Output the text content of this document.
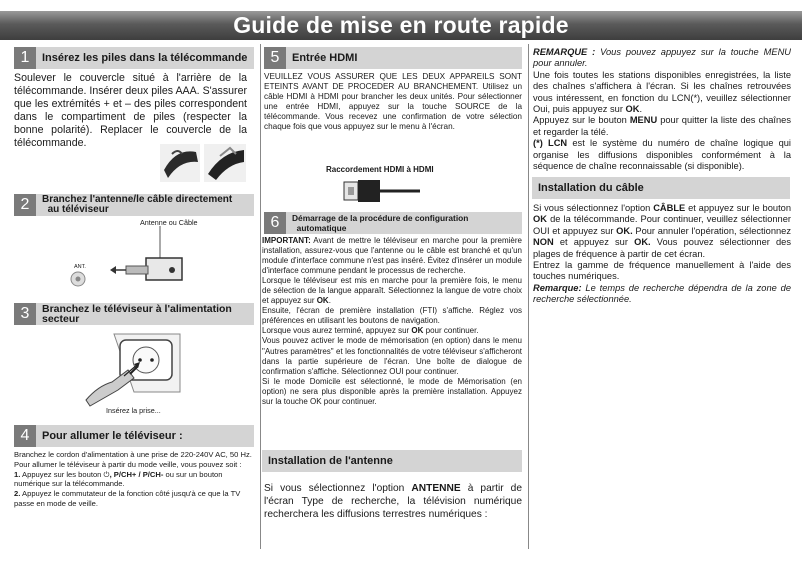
Guide de mise en route rapide
1	Insérez les piles dans la télécommande

Soulever le couvercle situé à l'arrière de la télécommande. Insérer deux piles AAA. S'assurer que les extrémités + et – des piles correspondent dans le compartiment de piles (respecter la bonne polarité). Replacer le couvercle de la télécommande.

2	Branchez l'antenne/le câble directement
au téléviseur
Antenne ou Câble
ANT.
3	Branchez le téléviseur à l'alimentation
secteur
Insérez la prise...
4	Pour allumer le téléviseur :

Branchez le cordon d'alimentation à une prise de 220-240V AC, 50 Hz.

Pour allumer le téléviseur à partir du mode veille, vous pouvez soit :

1. Appuyez sur les bouton ⏻, P/CH+ / P/CH- ou sur un bouton numérique sur la télécommande.

2. Appuyez le commutateur de la fonction côté jusqu'à ce que la TV passe en mode de veille.

5	Entrée HDMI

VEUILLEZ VOUS ASSURER QUE LES DEUX APPAREILS SONT ETEINTS AVANT DE PROCEDER AU BRANCHEMENT. Utilisez un câble HDMI à HDMI pour brancher les deux unités. Pour sélectionner une entrée HDMI, appuyez sur la touche SOURCE de la télécommande. Vous recevez une confirmation de votre sélection chaque fois que vous appuyez sur le menu à l'écran.

Raccordement HDMI à HDMI
6	Démarrage de la procédure de configuration
automatique

IMPORTANT: Avant de mettre le téléviseur en marche pour la première installation, assurez-vous que l'antenne ou le câble est branché et qu'un module d'interface commune n'est pas inséré. Évitez d'insérer un module d'interface commune pendant le processus de recherche.

Lorsque le téléviseur est mis en marche pour la première fois, le menu de sélection de la langue apparaît. Sélectionnez la langue de votre choix et appuyez sur OK.

Ensuite, l'écran de première installation (FTI) s'affiche. Réglez vos préférences en utilisant les boutons de navigation.

Lorsque vous aurez terminé, appuyez sur OK pour continuer.

Vous pouvez activer le mode de mémorisation (en option) dans le menu "Autres paramètres" et les fonctionnalités de votre téléviseur s'afficheront dans la partie supérieure de l'écran. Une boîte de dialogue de confirmation s'affiche. Sélectionnez OUI pour continuer.

Si le mode Domicile est sélectionné, le mode de Mémorisation (en option) ne sera plus disponible après la première installation. Appuyez sur la touche OK pour continuer.

Installation de l'antenne

Si vous sélectionnez l'option ANTENNE à partir de l'écran Type de recherche, la télévision numérique recherchera les diffusions terrestres numériques :

REMARQUE : Vous pouvez appuyez sur la touche MENU pour annuler.

Une fois toutes les stations disponibles enregistrées, la liste des chaînes s'affichera à l'écran. Si les chaînes retrouvées vous intéressent, en fonction du LCN(*), veuillez sélectionner Oui, puis appuyez sur OK.

Appuyez sur le bouton MENU pour quitter la liste des chaînes et regarder la télé.

(*) LCN est le système du numéro de chaîne logique qui organise les diffusions disponibles conformément à la séquence de chaîne reconnaissable (si disponible).

Installation du câble

Si vous sélectionnez l'option CÂBLE et appuyez sur le bouton OK de la télécommande. Pour continuer, veuillez sélectionner OUI et appuyez sur OK. Pour annuler l'opération, sélectionnez NON et appuyez sur OK. Vous pouvez sélectionner des plages de fréquence à partir de cet écran.

Entrez la gamme de fréquence manuellement à l'aide des touches numériques.

Remarque: Le temps de recherche dépendra de la zone de recherche sélectionnée.
